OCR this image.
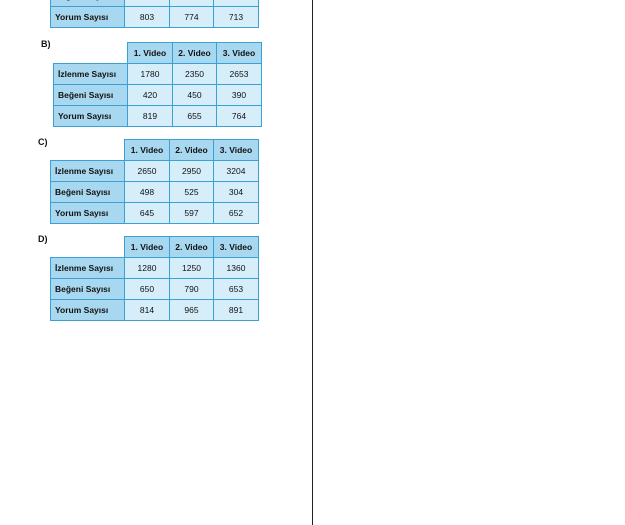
Yorum Sayısı	803	774	713
B)
	1. Video	2. Video	3. Video
İzlenme Sayısı	1780	2350	2653
Beğeni Sayısı	420	450	390
Yorum Sayısı	819	655	764
C)
	1. Video	2. Video	3. Video
İzlenme Sayısı	2650	2950	3204
Beğeni Sayısı	498	525	304
Yorum Sayısı	645	597	652
D)
	1. Video	2. Video	3. Video
İzlenme Sayısı	1280	1250	1360
Beğeni Sayısı	650	790	653
Yorum Sayısı	814	965	891
